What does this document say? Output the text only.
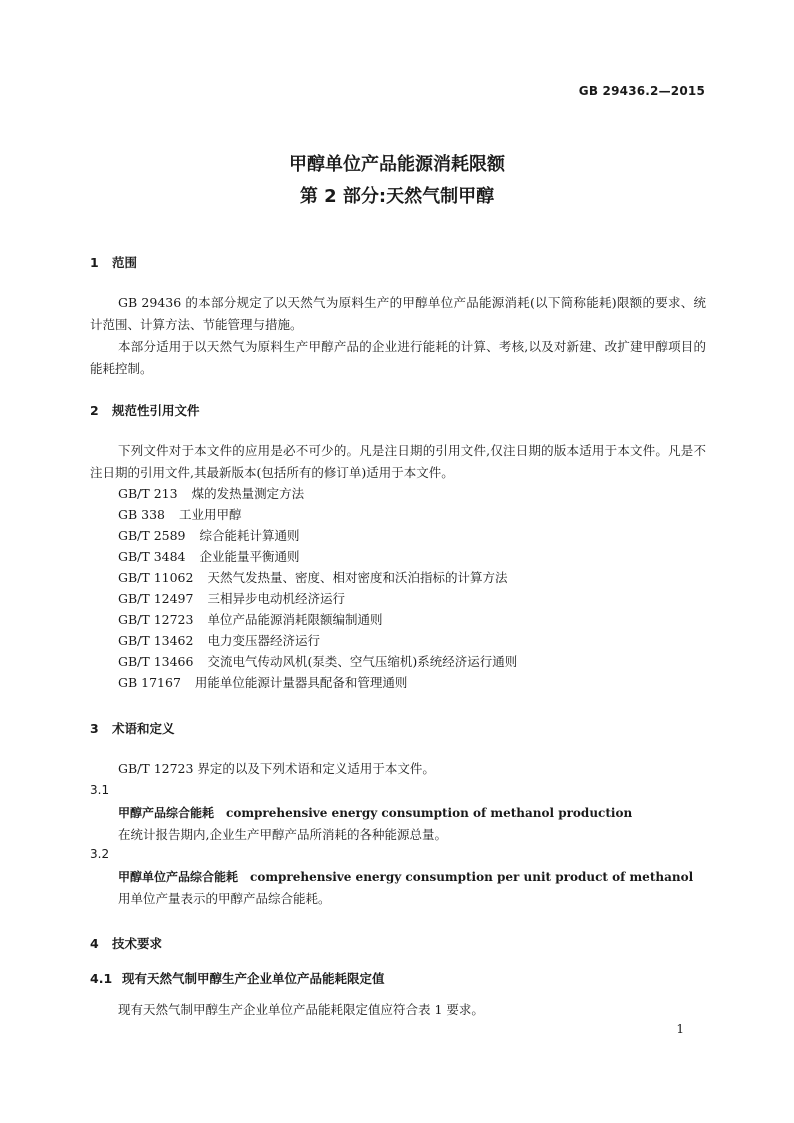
GB 29436.2—2015
甲醇单位产品能源消耗限额
第 2 部分:天然气制甲醇
1 范围
GB 29436 的本部分规定了以天然气为原料生产的甲醇单位产品能源消耗(以下简称能耗)限额的要求、统计范围、计算方法、节能管理与措施。
本部分适用于以天然气为原料生产甲醇产品的企业进行能耗的计算、考核,以及对新建、改扩建甲醇项目的能耗控制。
2 规范性引用文件
下列文件对于本文件的应用是必不可少的。凡是注日期的引用文件,仅注日期的版本适用于本文件。凡是不注日期的引用文件,其最新版本(包括所有的修订单)适用于本文件。
GB/T 213 煤的发热量测定方法
GB 338 工业用甲醇
GB/T 2589 综合能耗计算通则
GB/T 3484 企业能量平衡通则
GB/T 11062 天然气发热量、密度、相对密度和沃泊指标的计算方法
GB/T 12497 三相异步电动机经济运行
GB/T 12723 单位产品能源消耗限额编制通则
GB/T 13462 电力变压器经济运行
GB/T 13466 交流电气传动风机(泵类、空气压缩机)系统经济运行通则
GB 17167 用能单位能源计量器具配备和管理通则
3 术语和定义
GB/T 12723 界定的以及下列术语和定义适用于本文件。
3.1
甲醇产品综合能耗 comprehensive energy consumption of methanol production
在统计报告期内,企业生产甲醇产品所消耗的各种能源总量。
3.2
甲醇单位产品综合能耗 comprehensive energy consumption per unit product of methanol
用单位产量表示的甲醇产品综合能耗。
4 技术要求
4.1 现有天然气制甲醇生产企业单位产品能耗限定值
现有天然气制甲醇生产企业单位产品能耗限定值应符合表 1 要求。
1
